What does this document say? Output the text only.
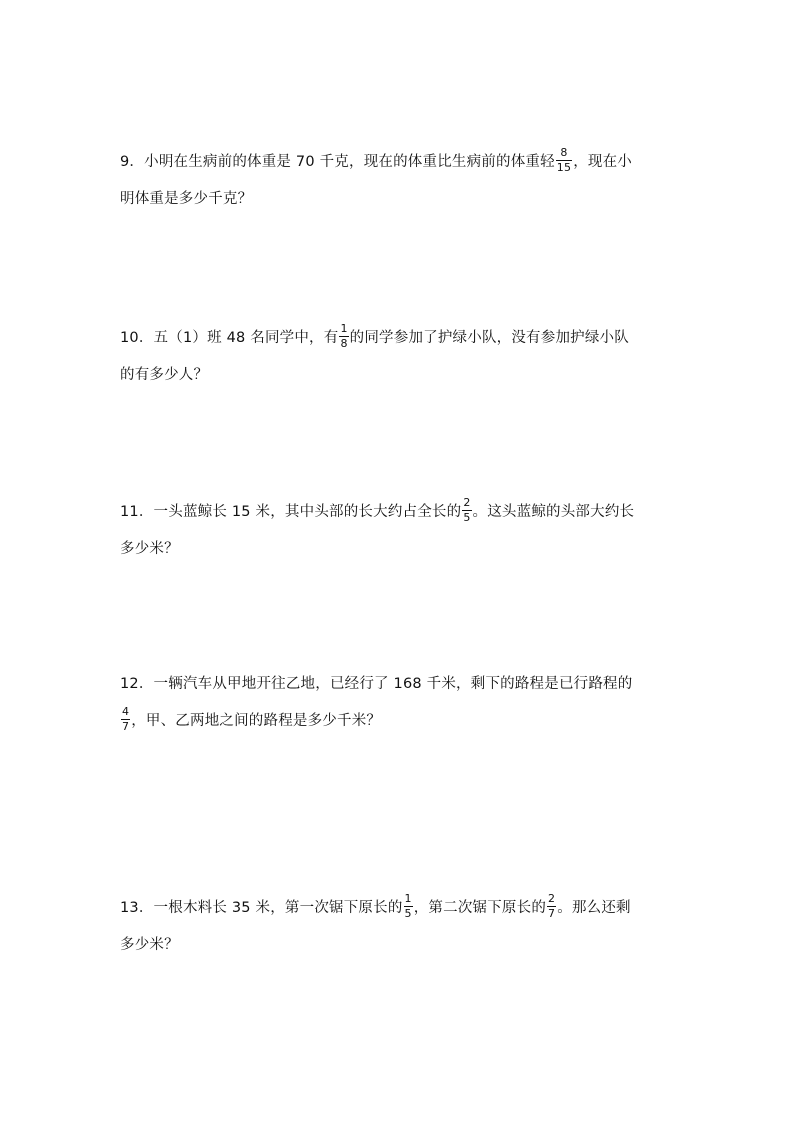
9．小明在生病前的体重是 70 千克，现在的体重比生病前的体重轻 $\frac{8}{15}$ ，现在小
明体重是多少千克？
10．五（1）班 48 名同学中，有 $\frac{1}{8}$ 的同学参加了护绿小队，没有参加护绿小队
的有多少人？
11．一头蓝鲸长 15 米，其中头部的长大约占全长的 $\frac{2}{5}$ 。这头蓝鲸的头部大约长
多少米？
12．一辆汽车从甲地开往乙地，已经行了 168 千米，剩下的路程是已行路程的
$\frac{4}{7}$ ，甲、乙两地之间的路程是多少千米？
13．一根木料长 35 米，第一次锯下原长的 $\frac{1}{5}$ ，第二次锯下原长的 $\frac{2}{7}$ 。那么还剩
多少米？
